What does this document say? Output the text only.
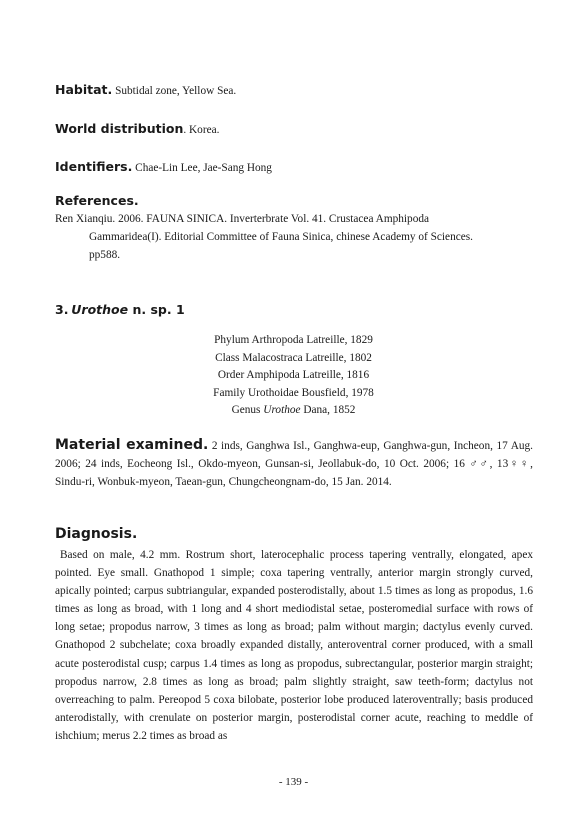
Habitat. Subtidal zone, Yellow Sea.
World distribution. Korea.
Identifiers. Chae-Lin Lee, Jae-Sang Hong
References.
Ren Xianqiu. 2006. FAUNA SINICA. Inverterbrate Vol. 41. Crustacea Amphipoda
Gammaridea(I). Editorial Committee of Fauna Sinica, chinese Academy of Sciences.
pp588.
3. Urothoe n. sp. 1
Phylum Arthropoda Latreille, 1829
Class Malacostraca Latreille, 1802
Order Amphipoda Latreille, 1816
Family Urothoidae Bousfield, 1978
Genus Urothoe Dana, 1852
Material examined. 2 inds, Ganghwa Isl., Ganghwa-eup, Ganghwa-gun, Incheon, 17 Aug. 2006; 24 inds, Eocheong Isl., Okdo-myeon, Gunsan-si, Jeollabuk-do, 10 Oct. 2006; 16 ♂♂, 13♀♀, Sindu-ri, Wonbuk-myeon, Taean-gun, Chungcheongnam-do, 15 Jan. 2014.
Diagnosis.
Based on male, 4.2 mm. Rostrum short, laterocephalic process tapering ventrally, elongated, apex pointed. Eye small. Gnathopod 1 simple; coxa tapering ventrally, anterior margin strongly curved, apically pointed; carpus subtriangular, expanded posterodistally, about 1.5 times as long as propodus, 1.6 times as long as broad, with 1 long and 4 short mediodistal setae, posteromedial surface with rows of long setae; propodus narrow, 3 times as long as broad; palm without margin; dactylus evenly curved. Gnathopod 2 subchelate; coxa broadly expanded distally, anteroventral corner produced, with a small acute posterodistal cusp; carpus 1.4 times as long as propodus, subrectangular, posterior margin straight; propodus narrow, 2.8 times as long as broad; palm slightly straight, saw teeth-form; dactylus not overreaching to palm. Pereopod 5 coxa bilobate, posterior lobe produced lateroventrally; basis produced anterodistally, with crenulate on posterior margin, posterodistal corner acute, reaching to meddle of ishchium; merus 2.2 times as broad as
- 139 -
